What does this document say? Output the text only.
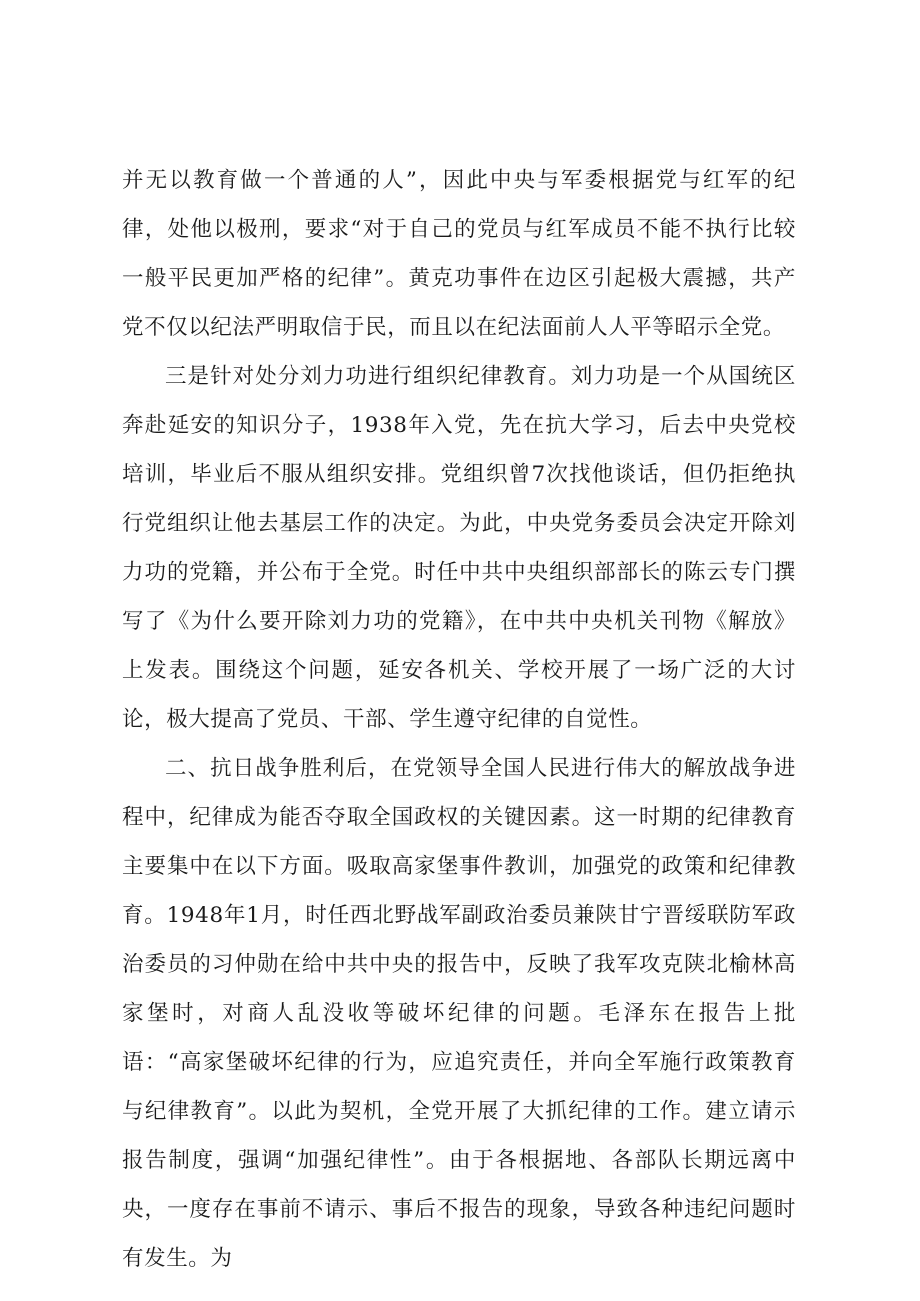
并无以教育做一个普通的人”，因此中央与军委根据党与红军的纪律，处他以极刑，要求“对于自己的党员与红军成员不能不执行比较一般平民更加严格的纪律”。黄克功事件在边区引起极大震撼，共产党不仅以纪法严明取信于民，而且以在纪法面前人人平等昭示全党。

三是针对处分刘力功进行组织纪律教育。刘力功是一个从国统区奔赴延安的知识分子，1938年入党，先在抗大学习，后去中央党校培训，毕业后不服从组织安排。党组织曾7次找他谈话，但仍拒绝执行党组织让他去基层工作的决定。为此，中央党务委员会决定开除刘力功的党籍，并公布于全党。时任中共中央组织部部长的陈云专门撰写了《为什么要开除刘力功的党籍》，在中共中央机关刊物《解放》上发表。围绕这个问题，延安各机关、学校开展了一场广泛的大讨论，极大提高了党员、干部、学生遵守纪律的自觉性。

二、抗日战争胜利后，在党领导全国人民进行伟大的解放战争进程中，纪律成为能否夺取全国政权的关键因素。这一时期的纪律教育主要集中在以下方面。吸取高家堡事件教训，加强党的政策和纪律教育。1948年1月，时任西北野战军副政治委员兼陕甘宁晋绥联防军政治委员的习仲勋在给中共中央的报告中，反映了我军攻克陕北榆林高家堡时，对商人乱没收等破坏纪律的问题。毛泽东在报告上批语：“高家堡破坏纪律的行为，应追究责任，并向全军施行政策教育与纪律教育”。以此为契机，全党开展了大抓纪律的工作。建立请示报告制度，强调“加强纪律性”。由于各根据地、各部队长期远离中央，一度存在事前不请示、事后不报告的现象，导致各种违纪问题时有发生。为
